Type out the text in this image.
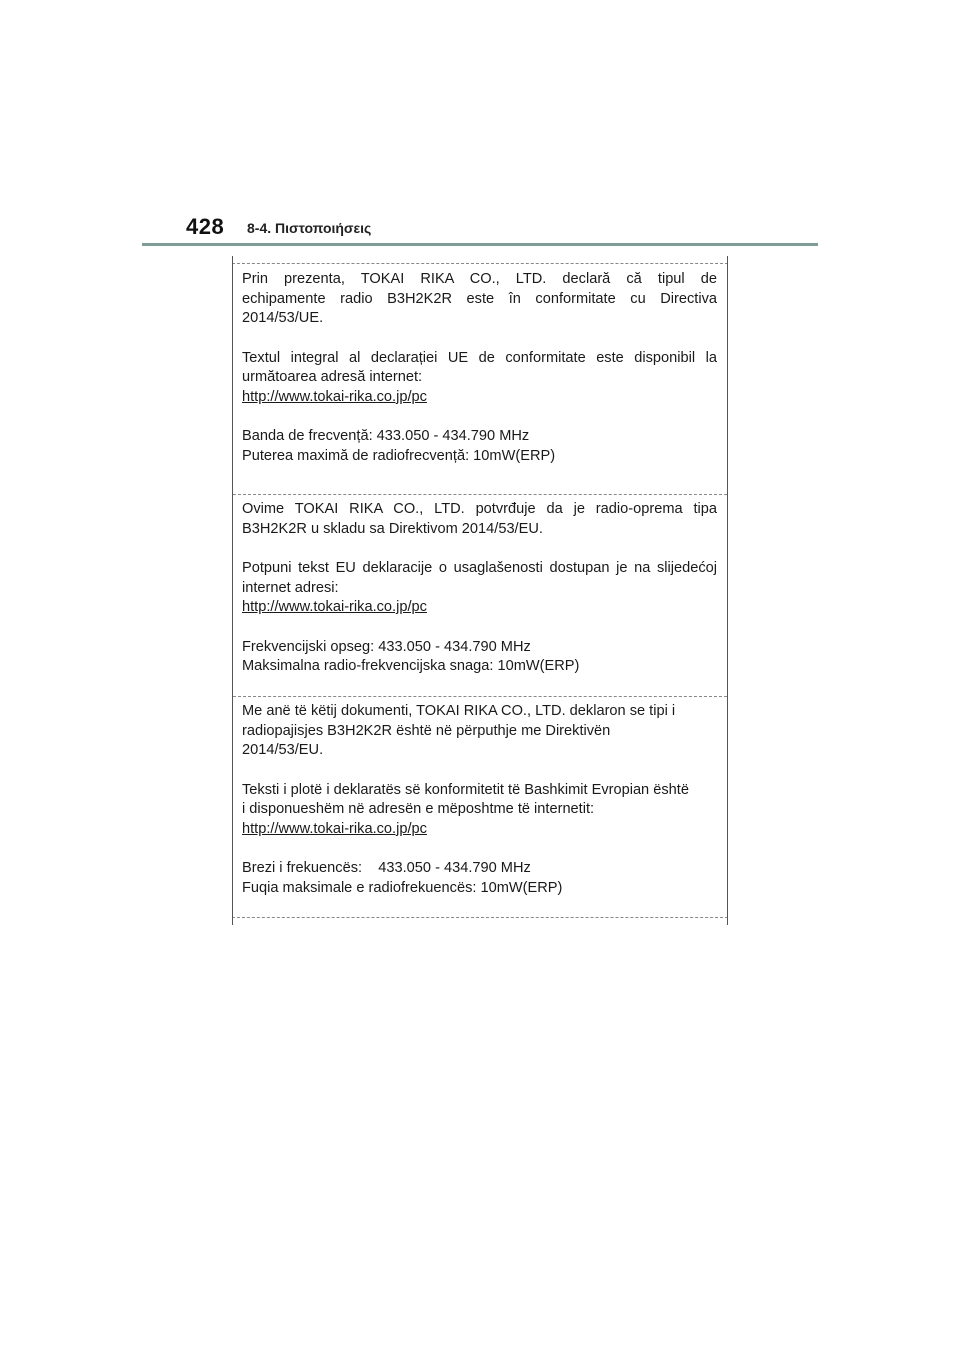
428 8-4. Πιστοποιήσεις

Prin prezenta, TOKAI RIKA CO., LTD. declară că tipul de
echipamente radio B3H2K2R este în conformitate cu Directiva
2014/53/UE.

Textul integral al declarației UE de conformitate este disponibil la
următoarea adresă internet:
http://www.tokai-rika.co.jp/pc

Banda de frecvență: 433.050 - 434.790 MHz
Puterea maximă de radiofrecvență: 10mW(ERP)

Ovime TOKAI RIKA CO., LTD. potvrđuje da je radio-oprema tipa
B3H2K2R u skladu sa Direktivom 2014/53/EU.

Potpuni tekst EU deklaracije o usaglašenosti dostupan je na slijedećoj
internet adresi:
http://www.tokai-rika.co.jp/pc

Frekvencijski opseg: 433.050 - 434.790 MHz
Maksimalna radio-frekvencijska snaga: 10mW(ERP)

Me anë të këtij dokumenti, TOKAI RIKA CO., LTD. deklaron se tipi i
radiopajisjes B3H2K2R është në përputhje me Direktivën
2014/53/EU.

Teksti i plotë i deklaratës së konformitetit të Bashkimit Evropian është
i disponueshëm në adresën e mëposhtme të internetit:
http://www.tokai-rika.co.jp/pc

Brezi i frekuencës:    433.050 - 434.790 MHz
Fuqia maksimale e radiofrekuencës: 10mW(ERP)
